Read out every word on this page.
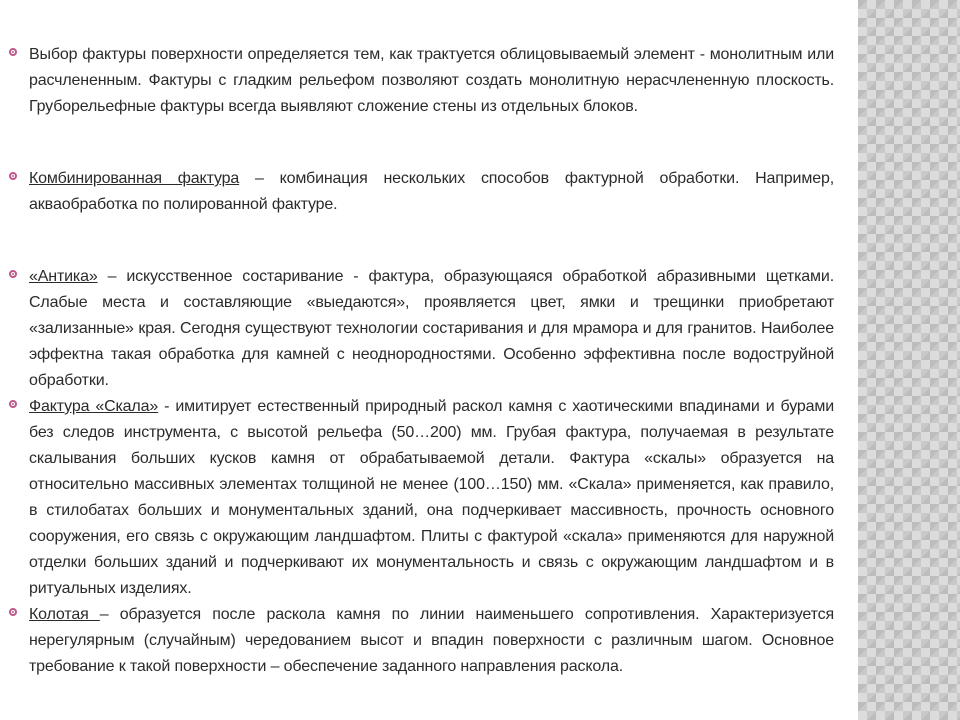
Выбор фактуры поверхности определяется тем, как трактуется облицовываемый элемент - монолитным или расчлененным. Фактуры с гладким рельефом позволяют создать монолитную нерасчлененную плоскость. Груборельефные фактуры всегда выявляют сложение стены из отдельных блоков.
Комбинированная фактура – комбинация нескольких способов фактурной обработки. Например, аквaобработка по полированной фактуре.
«Антика» – искусственное состаривание - фактура, образующаяся обработкой абразивными щетками. Слабые места и составляющие «выедаются», проявляется цвет, ямки и трещинки приобретают «зализанные» края. Сегодня существуют технологии состаривания и для мрамора и для гранитов. Наиболее эффектна такая обработка для камней с неоднородностями. Особенно эффективна после водоструйной обработки.
Фактура «Скала» - имитирует естественный природный раскол камня с хаотическими впадинами и бурами без следов инструмента, с высотой рельефа (50…200) мм. Грубая фактура, получаемая в результате скалывания больших кусков камня от обрабатываемой детали. Фактура «скалы» образуется на относительно массивных элементах толщиной не менее (100…150) мм. «Скала» применяется, как правило, в стилобатах больших и монументальных зданий, она подчеркивает массивность, прочность основного сооружения, его связь с окружающим ландшафтом. Плиты с фактурой «скала» применяются для наружной отделки больших зданий и подчеркивают их монументальность и связь с окружающим ландшафтом и в ритуальных изделиях.
Колотая – образуется после раскола камня по линии наименьшего сопротивления. Характеризуется нерегулярным (случайным) чередованием высот и впадин поверхности с различным шагом. Основное требование к такой поверхности – обеспечение заданного направления раскола.
